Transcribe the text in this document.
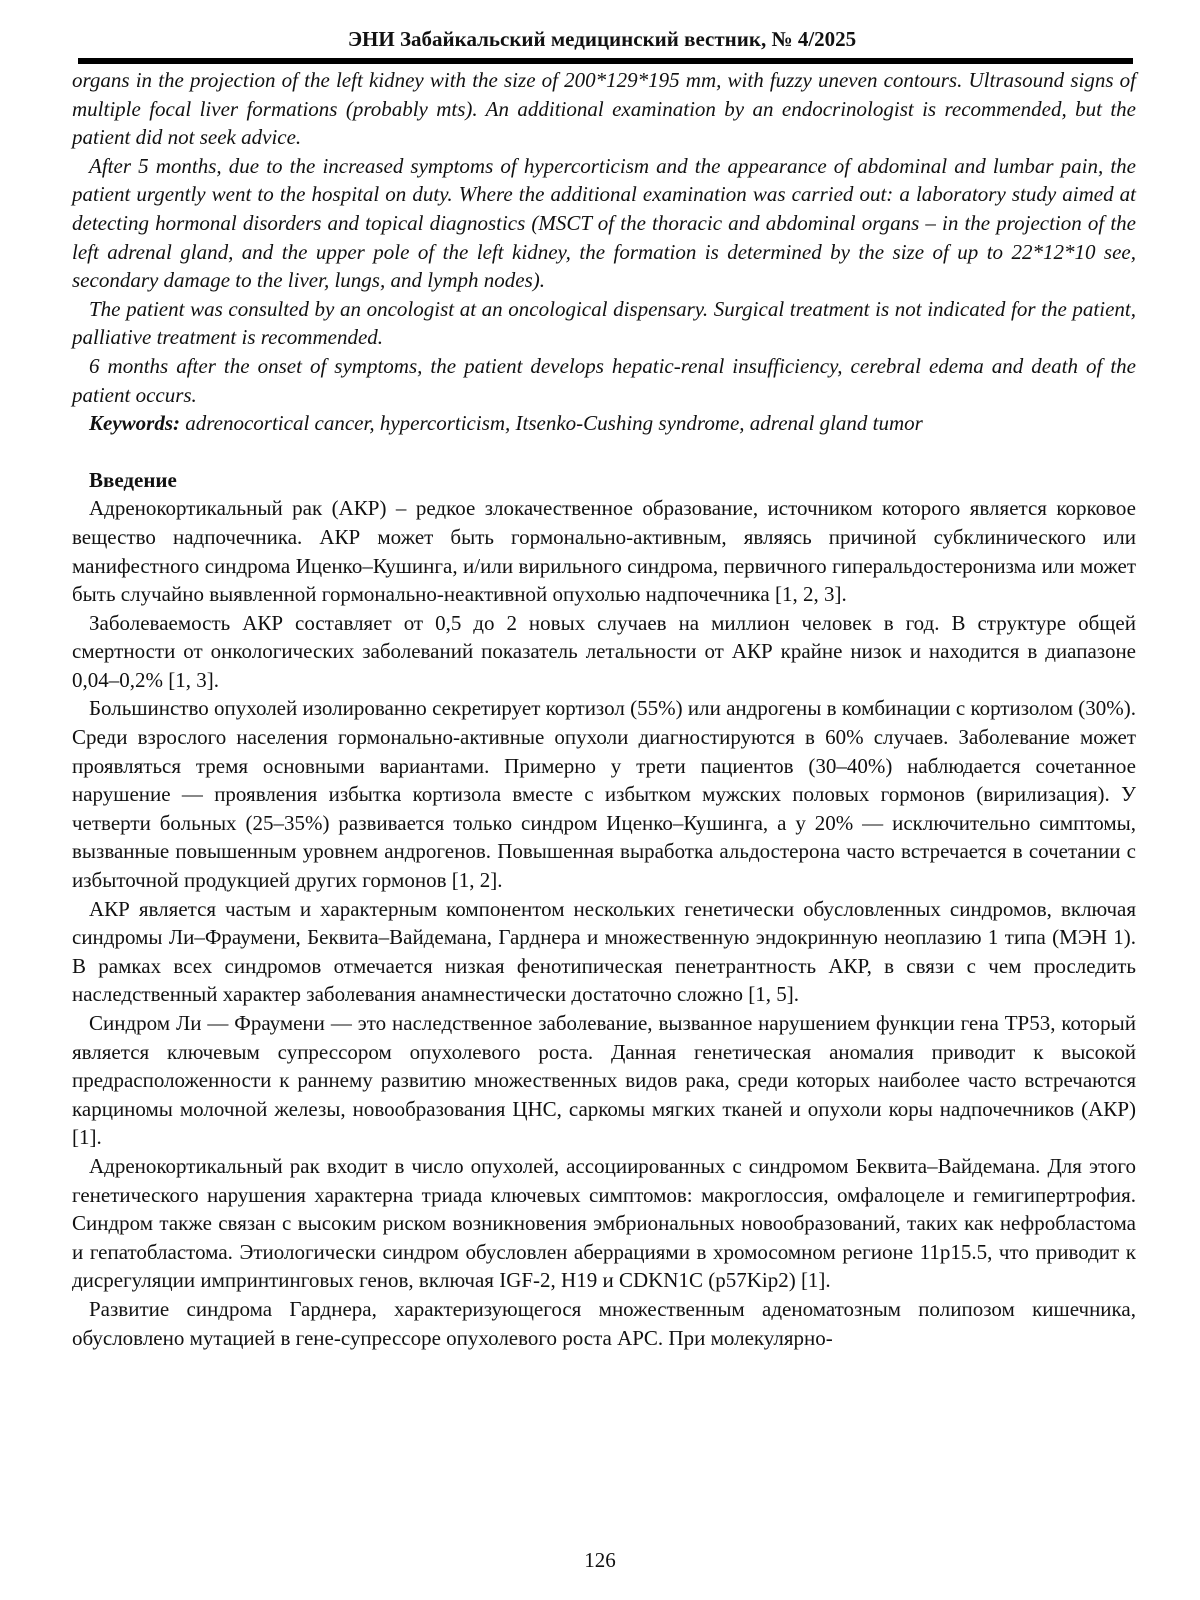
ЭНИ Забайкальский медицинский вестник, № 4/2025

organs in the projection of the left kidney with the size of 200*129*195 mm, with fuzzy uneven contours. Ultrasound signs of multiple focal liver formations (probably mts). An additional examination by an endocrinologist is recommended, but the patient did not seek advice.

After 5 months, due to the increased symptoms of hypercorticism and the appearance of abdominal and lumbar pain, the patient urgently went to the hospital on duty. Where the additional examination was carried out: a laboratory study aimed at detecting hormonal disorders and topical diagnostics (MSCT of the thoracic and abdominal organs – in the projection of the left adrenal gland, and the upper pole of the left kidney, the formation is determined by the size of up to 22*12*10 see, secondary damage to the liver, lungs, and lymph nodes).

The patient was consulted by an oncologist at an oncological dispensary. Surgical treatment is not indicated for the patient, palliative treatment is recommended.

6 months after the onset of symptoms, the patient develops hepatic-renal insufficiency, cerebral edema and death of the patient occurs.

Keywords: adrenocortical cancer, hypercorticism, Itsenko-Cushing syndrome, adrenal gland tumor

Введение

Адренокортикальный рак (АКР) – редкое злокачественное образование, источником которого является корковое вещество надпочечника. АКР может быть гормонально-активным, являясь причиной субклинического или манифестного синдрома Иценко–Кушинга, и/или вирильного синдрома, первичного гиперальдостеронизма или может быть случайно выявленной гормонально-неактивной опухолью надпочечника [1, 2, 3].

Заболеваемость АКР составляет от 0,5 до 2 новых случаев на миллион человек в год. В структуре общей смертности от онкологических заболеваний показатель летальности от АКР крайне низок и находится в диапазоне 0,04–0,2% [1, 3].

Большинство опухолей изолированно секретирует кортизол (55%) или андрогены в комбинации с кортизолом (30%). Среди взрослого населения гормонально-активные опухоли диагностируются в 60% случаев. Заболевание может проявляться тремя основными вариантами. Примерно у трети пациентов (30–40%) наблюдается сочетанное нарушение — проявления избытка кортизола вместе с избытком мужских половых гормонов (вирилизация). У четверти больных (25–35%) развивается только синдром Иценко–Кушинга, а у 20% — исключительно симптомы, вызванные повышенным уровнем андрогенов. Повышенная выработка альдостерона часто встречается в сочетании с избыточной продукцией других гормонов [1, 2].

АКР является частым и характерным компонентом нескольких генетически обусловленных синдромов, включая синдромы Ли–Фраумени, Беквита–Вайдемана, Гарднера и множественную эндокринную неоплазию 1 типа (МЭН 1). В рамках всех синдромов отмечается низкая фенотипическая пенетрантность АКР, в связи с чем проследить наследственный характер заболевания анамнестически достаточно сложно [1, 5].

Синдром Ли — Фраумени — это наследственное заболевание, вызванное нарушением функции гена TP53, который является ключевым супрессором опухолевого роста. Данная генетическая аномалия приводит к высокой предрасположенности к раннему развитию множественных видов рака, среди которых наиболее часто встречаются карциномы молочной железы, новообразования ЦНС, саркомы мягких тканей и опухоли коры надпочечников (АКР) [1].

Адренокортикальный рак входит в число опухолей, ассоциированных с синдромом Беквита–Вайдемана. Для этого генетического нарушения характерна триада ключевых симптомов: макроглоссия, омфалоцеле и гемигипертрофия. Синдром также связан с высоким риском возникновения эмбриональных новообразований, таких как нефробластома и гепатобластома. Этиологически синдром обусловлен аберрациями в хромосомном регионе 11p15.5, что приводит к дисрегуляции импринтинговых генов, включая IGF-2, H19 и CDKN1C (p57Kip2) [1].

Развитие синдрома Гарднера, характеризующегося множественным аденоматозным полипозом кишечника, обусловлено мутацией в гене-супрессоре опухолевого роста APC. При молекулярно-

126
